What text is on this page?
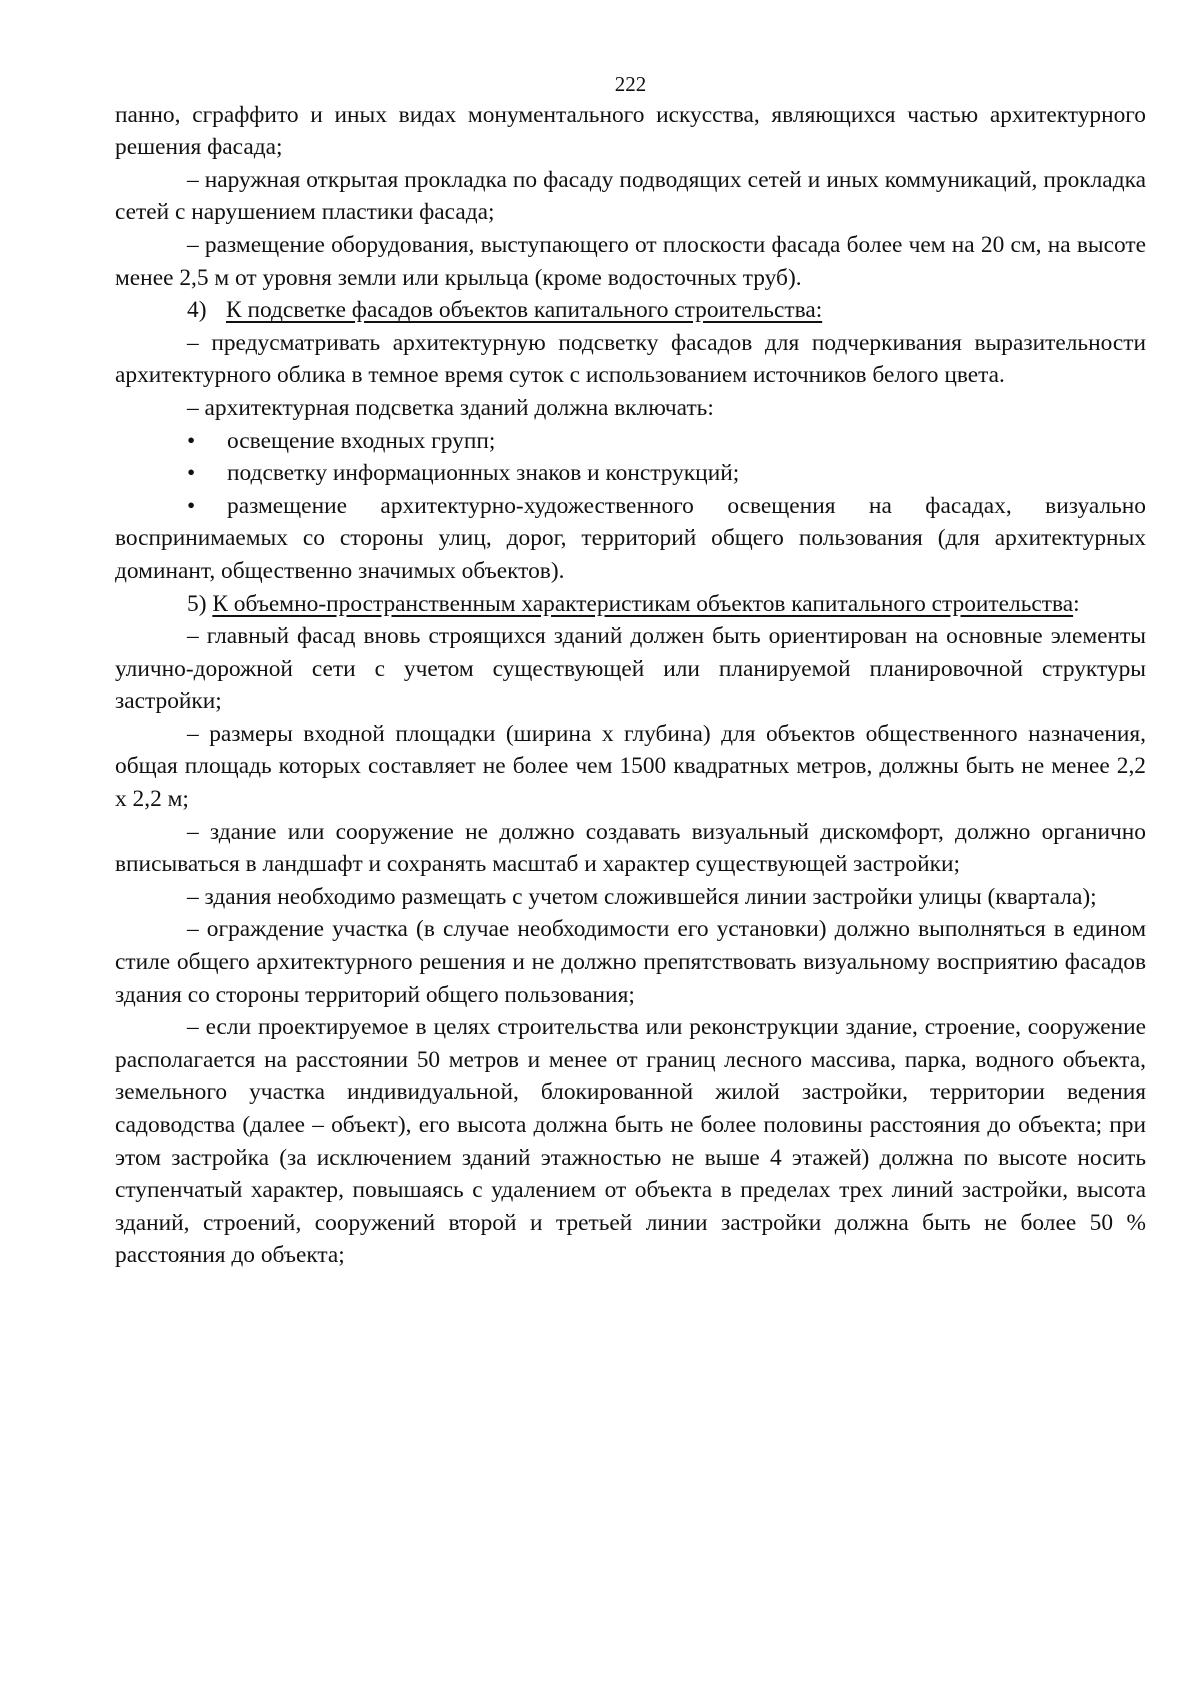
222

панно, сграффито и иных видах монументального искусства, являющихся частью архитектурного решения фасада;

– наружная открытая прокладка по фасаду подводящих сетей и иных коммуникаций, прокладка сетей с нарушением пластики фасада;

– размещение оборудования, выступающего от плоскости фасада более чем на 20 см, на высоте менее 2,5 м от уровня земли или крыльца (кроме водосточных труб).

4) К подсветке фасадов объектов капитального строительства:

– предусматривать архитектурную подсветку фасадов для подчеркивания выразительности архитектурного облика в темное время суток с использованием источников белого цвета.

– архитектурная подсветка зданий должна включать:

• освещение входных групп;

• подсветку информационных знаков и конструкций;

• размещение архитектурно-художественного освещения на фасадах, визуально воспринимаемых со стороны улиц, дорог, территорий общего пользования (для архитектурных доминант, общественно значимых объектов).

5) К объемно-пространственным характеристикам объектов капитального строительства:

– главный фасад вновь строящихся зданий должен быть ориентирован на основные элементы улично-дорожной сети с учетом существующей или планируемой планировочной структуры застройки;

– размеры входной площадки (ширина х глубина) для объектов общественного назначения, общая площадь которых составляет не более чем 1500 квадратных метров, должны быть не менее 2,2 х 2,2 м;

– здание или сооружение не должно создавать визуальный дискомфорт, должно органично вписываться в ландшафт и сохранять масштаб и характер существующей застройки;

– здания необходимо размещать с учетом сложившейся линии застройки улицы (квартала);

– ограждение участка (в случае необходимости его установки) должно выполняться в едином стиле общего архитектурного решения и не должно препятствовать визуальному восприятию фасадов здания со стороны территорий общего пользования;

– если проектируемое в целях строительства или реконструкции здание, строение, сооружение располагается на расстоянии 50 метров и менее от границ лесного массива, парка, водного объекта, земельного участка индивидуальной, блокированной жилой застройки, территории ведения садоводства (далее – объект), его высота должна быть не более половины расстояния до объекта; при этом застройка (за исключением зданий этажностью не выше 4 этажей) должна по высоте носить ступенчатый характер, повышаясь с удалением от объекта в пределах трех линий застройки, высота зданий, строений, сооружений второй и третьей линии застройки должна быть не более 50 % расстояния до объекта;
